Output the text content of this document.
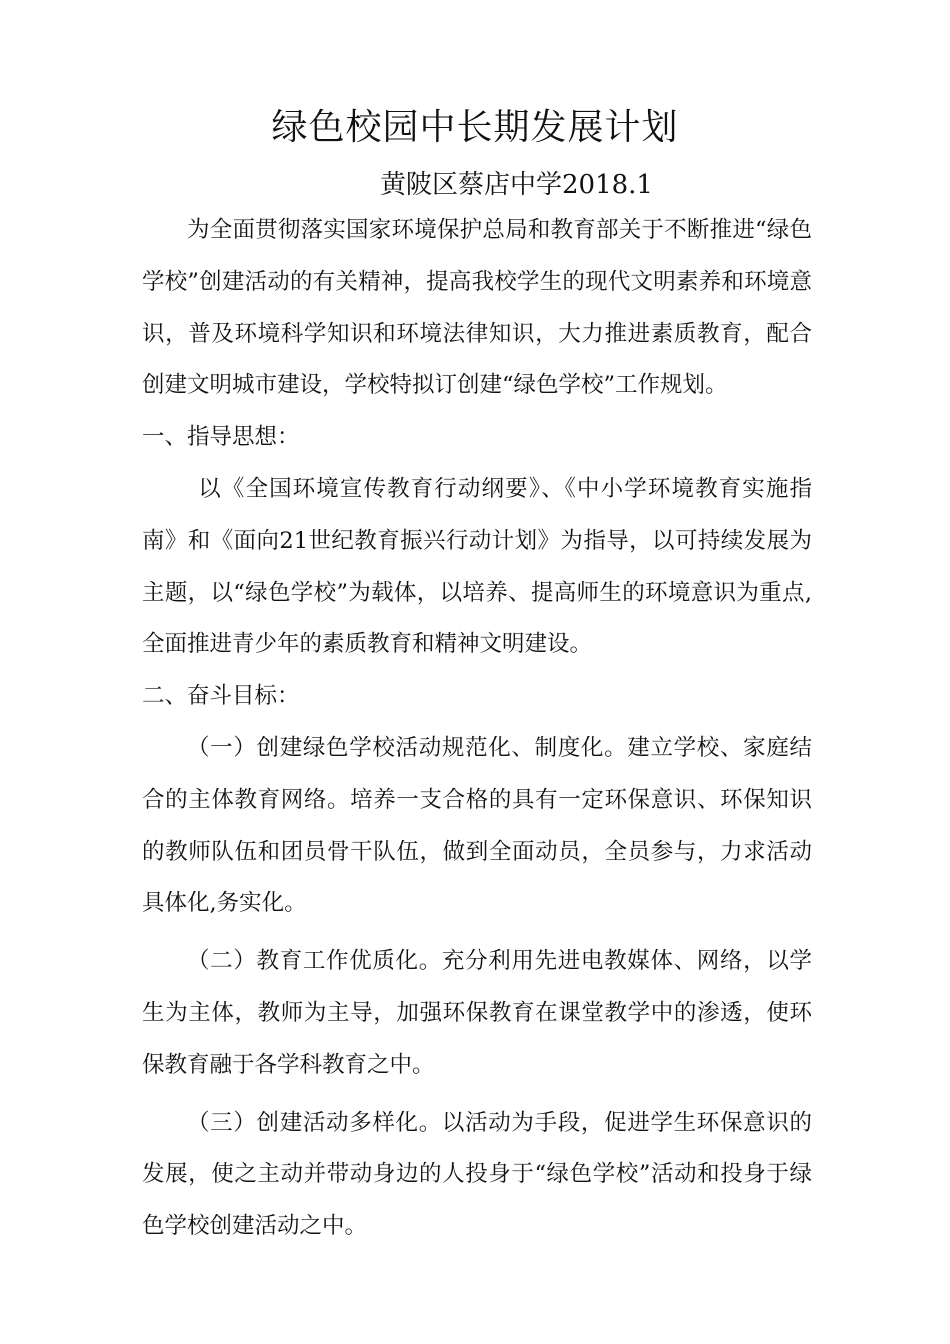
绿色校园中长期发展计划
黄陂区蔡店中学2018.1

为全面贯彻落实国家环境保护总局和教育部关于不断推进“绿色学校”创建活动的有关精神，提高我校学生的现代文明素养和环境意识，普及环境科学知识和环境法律知识，大力推进素质教育，配合创建文明城市建设，学校特拟订创建“绿色学校”工作规划。

一、指导思想：

以《全国环境宣传教育行动纲要》、《中小学环境教育实施指南》和《面向21世纪教育振兴行动计划》为指导，以可持续发展为主题，以“绿色学校”为载体，以培养、提高师生的环境意识为重点,全面推进青少年的素质教育和精神文明建设。

二、奋斗目标：

（一）创建绿色学校活动规范化、制度化。建立学校、家庭结合的主体教育网络。培养一支合格的具有一定环保意识、环保知识的教师队伍和团员骨干队伍，做到全面动员，全员参与，力求活动具体化,务实化。

（二）教育工作优质化。充分利用先进电教媒体、网络，以学生为主体，教师为主导，加强环保教育在课堂教学中的渗透，使环保教育融于各学科教育之中。

（三）创建活动多样化。以活动为手段，促进学生环保意识的发展，使之主动并带动身边的人投身于“绿色学校”活动和投身于绿色学校创建活动之中。
